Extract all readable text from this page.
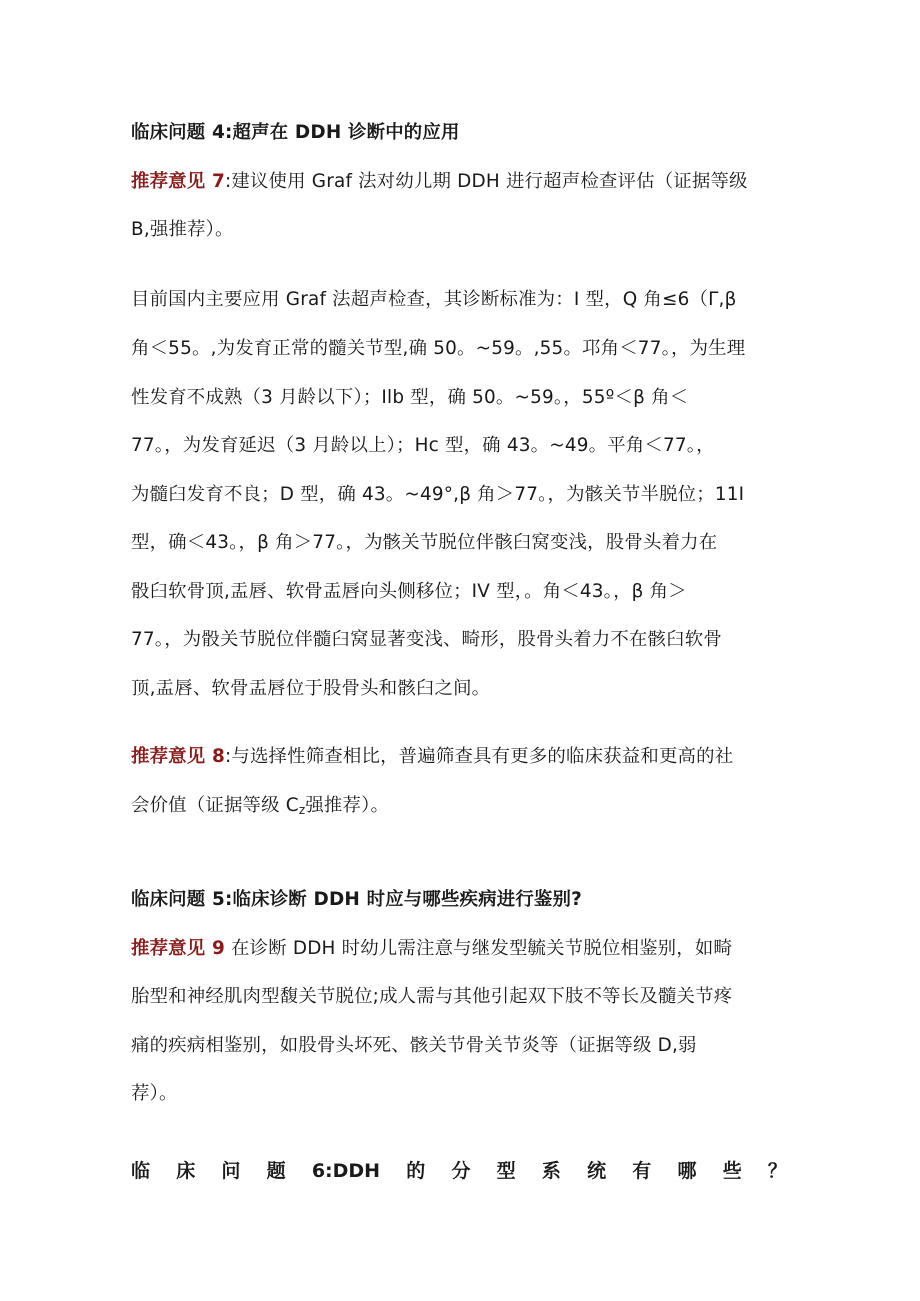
临床问题 4:超声在 DDH 诊断中的应用
推荐意见 7:建议使用 Graf 法对幼儿期 DDH 进行超声检查评估（证据等级
B,强推荐）。
目前国内主要应用 Graf 法超声检查，其诊断标准为：I 型，Q 角≤6（Γ,β
角＜55。,为发育正常的髓关节型,确 50。~59。,55。邛角＜77。，为生理
性发育不成熟（3 月龄以下）；Ilb 型，确 50。~59。，55º＜β 角＜
77。，为发育延迟（3 月龄以上）；Hc 型，确 43。~49。平角＜77。，
为髓臼发育不良；D 型，确 43。~49°,β 角＞77。，为骸关节半脱位；11I
型，确＜43。，β 角＞77。，为骸关节脱位伴骸臼窝变浅，股骨头着力在
骰臼软骨顶,盂唇、软骨盂唇向头侧移位；IV 型，。角＜43。，β 角＞
77。，为骰关节脱位伴髓臼窝显著变浅、畸形，股骨头着力不在骸臼软骨
顶,盂唇、软骨盂唇位于股骨头和骸臼之间。
推荐意见 8:与选择性筛查相比，普遍筛查具有更多的临床获益和更高的社
会价值（证据等级 $C_z$强推荐）。
临床问题 5:临床诊断 DDH 时应与哪些疾病进行鉴别?
推荐意见 9 在诊断 DDH 时幼儿需注意与继发型毓关节脱位相鉴别，如畸
胎型和神经肌肉型馥关节脱位;成人需与其他引起双下肢不等长及髓关节疼
痛的疾病相鉴别，如股骨头坏死、骸关节骨关节炎等（证据等级 D,弱
荐）。
临 床 问 题 6:DDH 的 分 型 系 统 有 哪 些 ？
